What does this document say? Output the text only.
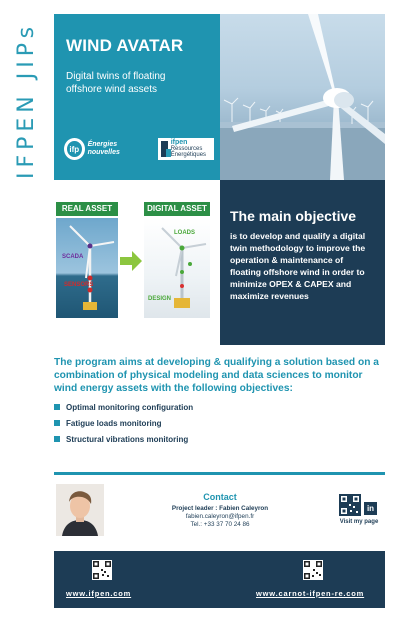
IFPEN JIPs WIND AVATAR
Digital twins of floating offshore wind assets
ifp	Énergies nouvelles
ifpen
Ressources Énergétiques
REAL ASSET	DIGITAL ASSET
SCADA
SENSORS
LOADS
DESIGN
The main objective

is to develop and qualify a digital twin methodology to improve the operation & maintenance of floating offshore wind in order to minimize OPEX & CAPEX and maximize revenues

The program aims at developing & qualifying a solution based on a combination of physical modeling and data sciences to monitor wind energy assets with the following objectives:
Optimal monitoring configuration
Fatigue loads monitoring
Structural vibrations monitoring
Contact
Project leader : Fabien Caleyron
fabien.caleyron@ifpen.fr
Tel.: +33 37 70 24 86
in
Visit my page
www.ifpen.com	www.carnot-ifpen-re.com
